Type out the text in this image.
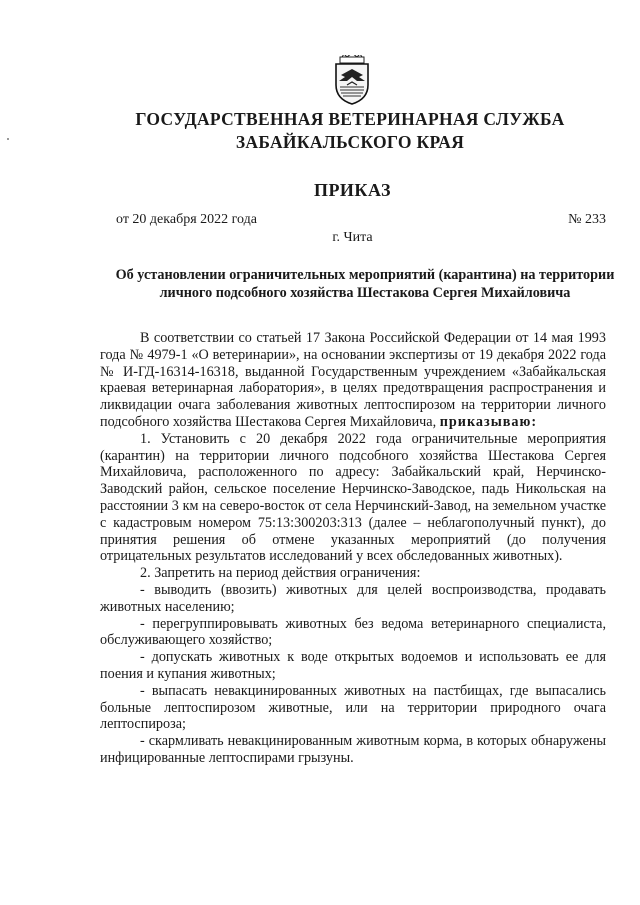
ГОСУДАРСТВЕННАЯ ВЕТЕРИНАРНАЯ СЛУЖБА
ЗАБАЙКАЛЬСКОГО КРАЯ
ПРИКАЗ
от 20 декабря 2022 года	№ 233
г. Чита
Об установлении ограничительных мероприятий (карантина) на территории личного подсобного хозяйства Шестакова Сергея Михайловича

В соответствии со статьей 17 Закона Российской Федерации от 14 мая 1993 года № 4979-1 «О ветеринарии», на основании экспертизы от 19 декабря 2022 года № И-ГД-16314-16318, выданной Государственным учреждением «Забайкальская краевая ветеринарная лаборатория», в целях предотвращения распространения и ликвидации очага заболевания животных лептоспирозом на территории личного подсобного хозяйства Шестакова Сергея Михайловича, приказываю:

1. Установить с 20 декабря 2022 года ограничительные мероприятия (карантин) на территории личного подсобного хозяйства Шестакова Сергея Михайловича, расположенного по адресу: Забайкальский край, Нерчинско-Заводский район, сельское поселение Нерчинско-Заводское, падь Никольская на расстоянии 3 км на северо-восток от села Нерчинский-Завод, на земельном участке с кадастровым номером 75:13:300203:313 (далее – неблагополучный пункт), до принятия решения об отмене указанных мероприятий (до получения отрицательных результатов исследований у всех обследованных животных).

2. Запретить на период действия ограничения:

- выводить (ввозить) животных для целей воспроизводства, продавать животных населению;

- перегруппировывать животных без ведома ветеринарного специалиста, обслуживающего хозяйство;

- допускать животных к воде открытых водоемов и использовать ее для поения и купания животных;

- выпасать невакцинированных животных на пастбищах, где выпасались больные лептоспирозом животные, или на территории природного очага лептоспироза;

- скармливать невакцинированным животным корма, в которых обнаружены инфицированные лептоспирами грызуны.
